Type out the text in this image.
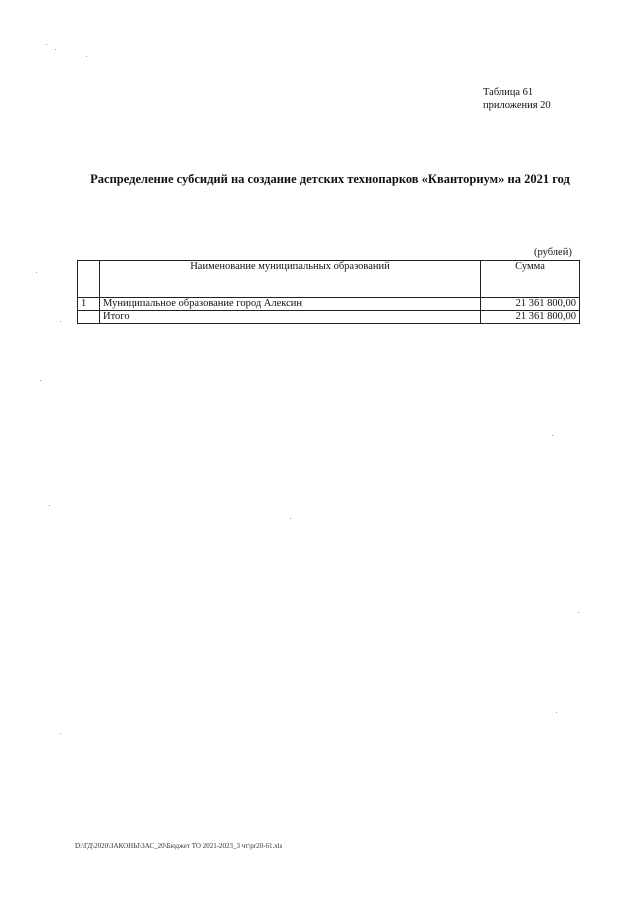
Таблица 61
приложения 20
Распределение субсидий на создание детских технопарков «Кванториум» на 2021 год
(рублей)
	Наименование муниципальных образований	Сумма
1	Муниципальное образование город Алексин	21 361 800,00
	Итого	21 361 800,00
D:\ГД\2020\ЗАКОНЫ\ЗАС_20\Бюджет ТО 2021-2023_3 чт\pr20-61.xls
